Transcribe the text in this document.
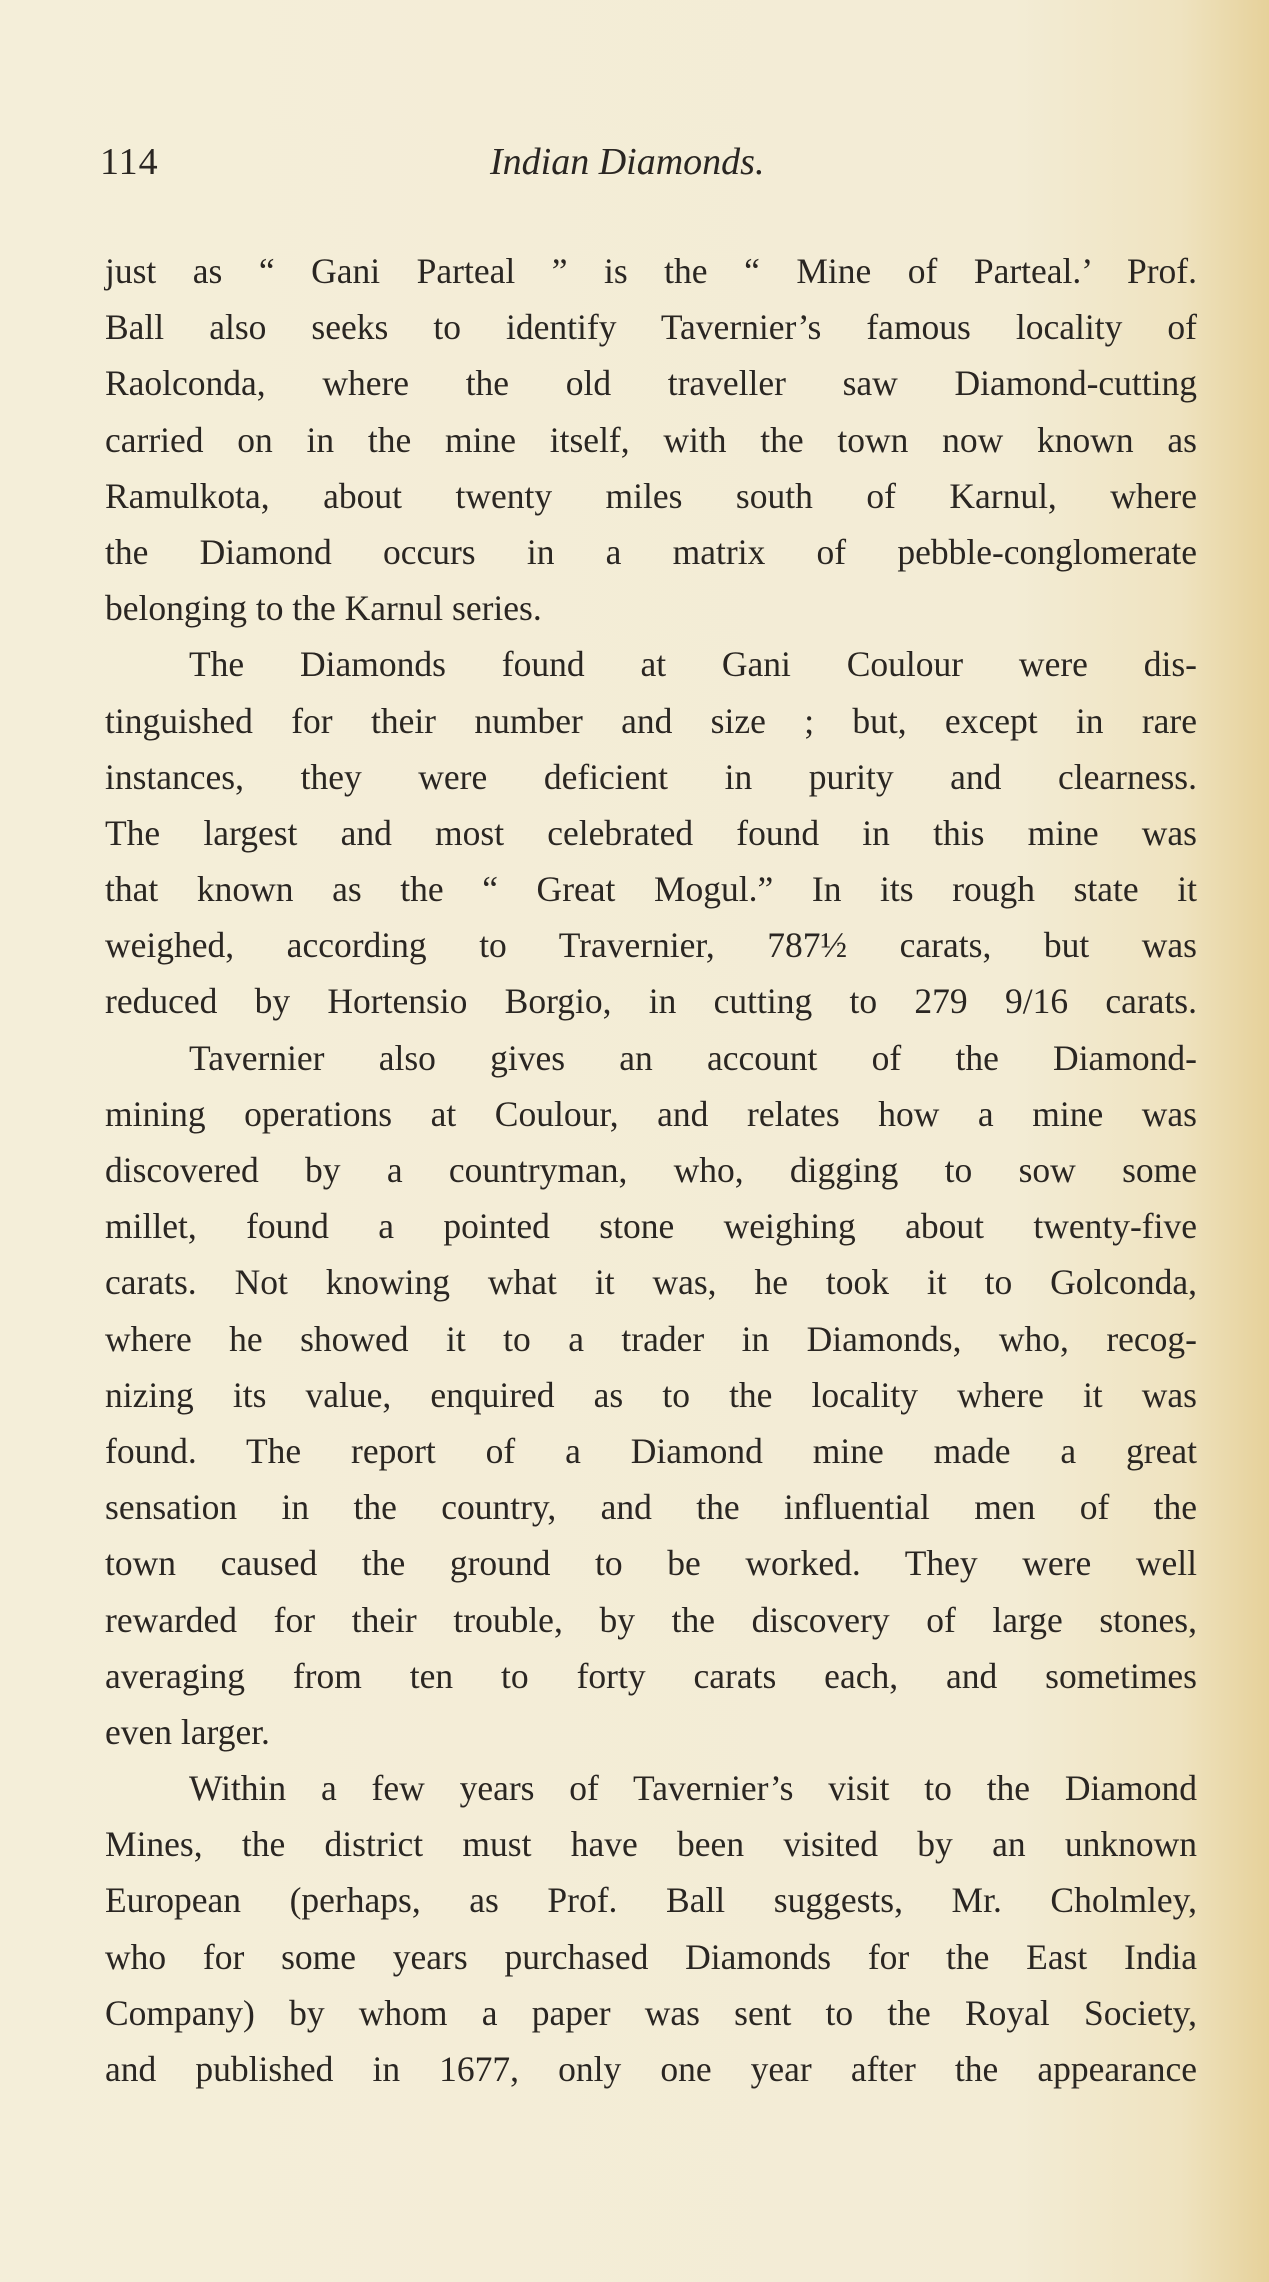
114	Indian Diamonds.
just as “ Gani Parteal ” is the “ Mine of Parteal.’ Prof.
Ball also seeks to identify Tavernier’s famous locality of
Raolconda, where the old traveller saw Diamond-cutting
carried on in the mine itself, with the town now known as
Ramulkota, about twenty miles south of Karnul, where
the Diamond occurs in a matrix of pebble-conglomerate
belonging to the Karnul series.
The Diamonds found at Gani Coulour were dis-
tinguished for their number and size ; but, except in rare
instances, they were deficient in purity and clearness.
The largest and most celebrated found in this mine was
that known as the “ Great Mogul.” In its rough state it
weighed, according to Travernier, 787½ carats, but was
reduced by Hortensio Borgio, in cutting to 279 9/16 carats.
Tavernier also gives an account of the Diamond-
mining operations at Coulour, and relates how a mine was
discovered by a countryman, who, digging to sow some
millet, found a pointed stone weighing about twenty-five
carats. Not knowing what it was, he took it to Golconda,
where he showed it to a trader in Diamonds, who, recog-
nizing its value, enquired as to the locality where it was
found. The report of a Diamond mine made a great
sensation in the country, and the influential men of the
town caused the ground to be worked. They were well
rewarded for their trouble, by the discovery of large stones,
averaging from ten to forty carats each, and sometimes
even larger.
Within a few years of Tavernier’s visit to the Diamond
Mines, the district must have been visited by an unknown
European (perhaps, as Prof. Ball suggests, Mr. Cholmley,
who for some years purchased Diamonds for the East India
Company) by whom a paper was sent to the Royal Society,
and published in 1677, only one year after the appearance
